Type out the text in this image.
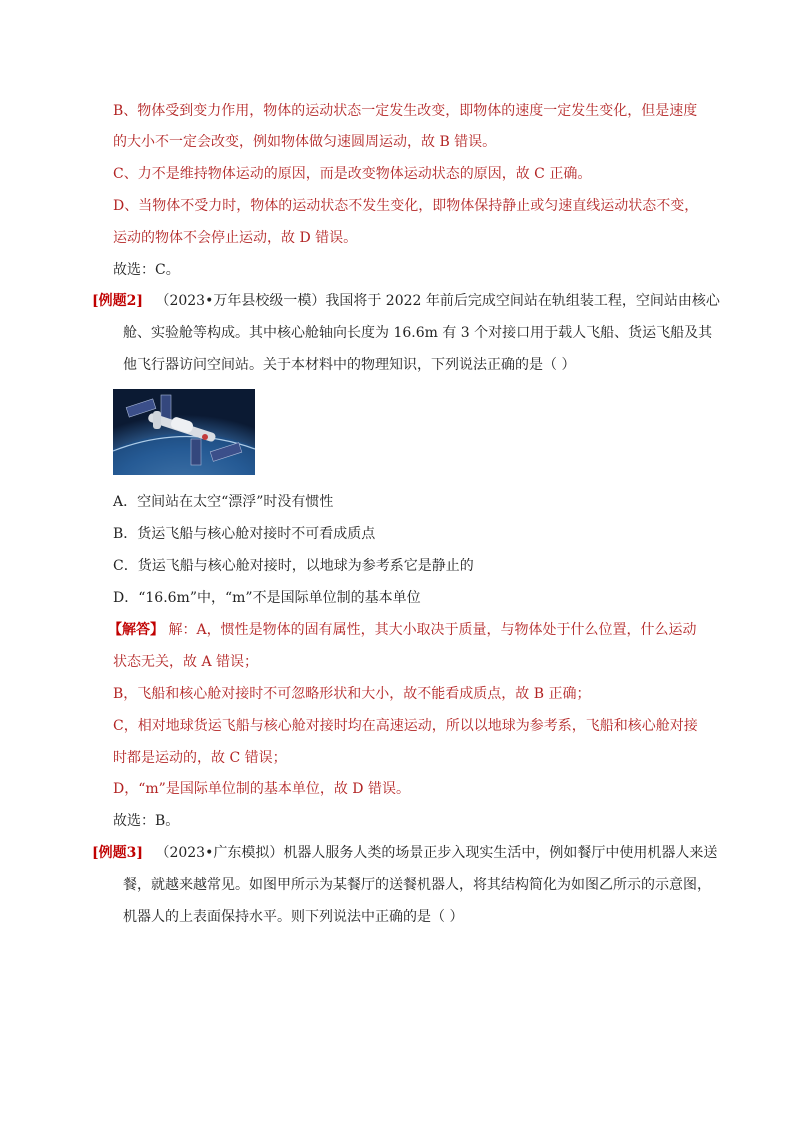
B、物体受到变力作用，物体的运动状态一定发生改变，即物体的速度一定发生变化，但是速度
的大小不一定会改变，例如物体做匀速圆周运动，故 B 错误。
C、力不是维持物体运动的原因，而是改变物体运动状态的原因，故 C 正确。
D、当物体不受力时，物体的运动状态不发生变化，即物体保持静止或匀速直线运动状态不变，
运动的物体不会停止运动，故 D 错误。
故选：C。
[例题2] （2023•万年县校级一模）我国将于 2022 年前后完成空间站在轨组装工程，空间站由核心
舱、实验舱等构成。其中核心舱轴向长度为 16.6m 有 3 个对接口用于载人飞船、货运飞船及其
他飞行器访问空间站。关于本材料中的物理知识，下列说法正确的是（ ）
A．空间站在太空“漂浮”时没有惯性
B．货运飞船与核心舱对接时不可看成质点
C．货运飞船与核心舱对接时，以地球为参考系它是静止的
D．“16.6m”中，“m”不是国际单位制的基本单位
【解答】 解：A，惯性是物体的固有属性，其大小取决于质量，与物体处于什么位置，什么运动
状态无关，故 A 错误；
B，飞船和核心舱对接时不可忽略形状和大小，故不能看成质点，故 B 正确；
C，相对地球货运飞船与核心舱对接时均在高速运动，所以以地球为参考系，飞船和核心舱对接
时都是运动的，故 C 错误；
D，“m”是国际单位制的基本单位，故 D 错误。
故选：B。
[例题3] （2023•广东模拟）机器人服务人类的场景正步入现实生活中，例如餐厅中使用机器人来送
餐，就越来越常见。如图甲所示为某餐厅的送餐机器人，将其结构简化为如图乙所示的示意图，
机器人的上表面保持水平。则下列说法中正确的是（ ）
